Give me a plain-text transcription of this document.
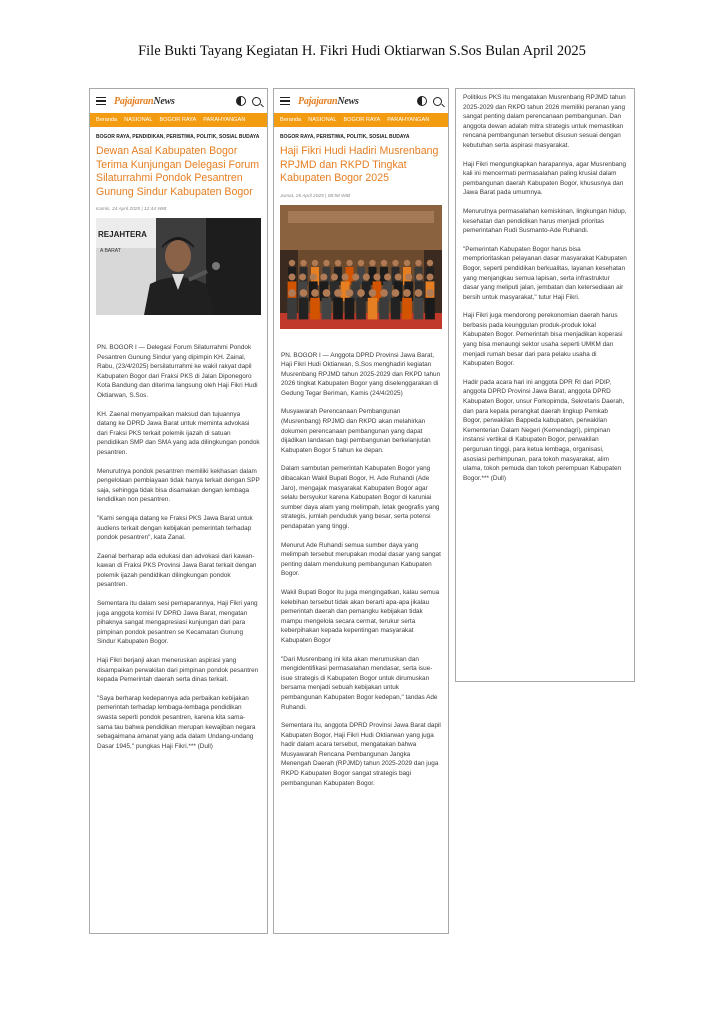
File Bukti Tayang Kegiatan H. Fikri Hudi Oktiarwan S.Sos Bulan April 2025
PajajaranNews
Beranda NASIONAL BOGOR RAYA PARAHYANGAN
BOGOR RAYA, PENDIDIKAN, PERISTIWA, POLITIK, SOSIAL BUDAYA
Dewan Asal Kabupaten Bogor Terima Kunjungan Delegasi Forum Silaturrahmi Pondok Pesantren Gunung Sindur Kabupaten Bogor
Kamis, 24 April 2025 | 12:44 WIB
REJAHTERA
A BARAT

PN. BOGOR I — Delegasi Forum Silaturrahmi Pondok Pesantren Gunung Sindur yang dipimpin KH. Zainal, Rabu, (23/4/2025) bersilaturrahmi ke wakil rakyat dapil Kabupaten Bogor dari Fraksi PKS di Jalan Diponegoro Kota Bandung dan diterima langsung oleh Haji Fikri Hudi Oktiarwan, S.Sos.

KH. Zaenal menyampaikan maksud dan tujuannya datang ke DPRD Jawa Barat untuk meminta advokasi dari Fraksi PKS terkait polemik ijazah di satuan pendidikan SMP dan SMA yang ada dilingkungan pondok pesantren.

Menurutnya pondok pesantren memiliki kekhasan dalam pengelolaan pembiayaan tidak hanya terkait dengan SPP saja, sehingga tidak bisa disamakan dengan lembaga lendidikan non pesantren.

"Kami sengaja datang ke Fraksi PKS Jawa Barat untuk audiens terkait dengan kebijakan pemerintah terhadap pondok pesantren", kata Zanal.

Zaenal berharap ada edukasi dan advokasi dari kawan-kawan di Fraksi PKS Provinsi Jawa Barat terkait dengan polemik ijazah pendidikan dilingkungan pondok pesantren.

Sementara itu dalam sesi pemaparannya, Haji Fikri yang juga anggota komisi IV DPRD Jawa Barat, mengatan pihaknya sangat mengapresiasi kunjungan dari para pimpinan pondok pesantren se Kecamatan Gunung Sindur Kabupaten Bogor.

Haji Fikri berjanji akan meneruskan aspirasi yang disampaikan perwakilan dari pimpinan pondok pesantren kepada Pemerintah daerah serta dinas terkait.

"Saya berharap kedepannya ada perbaikan kebijakan pemerintah terhadap lembaga-lembaga pendidikan swasta seperti pondok pesantren, karena kita sama-sama tau bahwa pendidikan merupan kewajiban negara sebagaimana amanat yang ada dalam Undang-undang Dasar 1945," pungkas Haji Fikri.*** (Dull)

PajajaranNews
Beranda NASIONAL BOGOR RAYA PARAHYANGAN
BOGOR RAYA, PERISTIWA, POLITIK, SOSIAL BUDAYA
Haji Fikri Hudi Hadiri Musrenbang RPJMD dan RKPD Tingkat Kabupaten Bogor 2025
Jumat, 25 April 2025 | 08:58 WIB

PN. BOGOR I — Anggota DPRD Provinsi Jawa Barat, Haji Fikri Hudi Oktiarwan, S.Sos menghadiri kegiatan Musrenbang RPJMD tahun 2025-2029 dan RKPD tahun 2026 tingkat Kabupaten Bogor yang diselenggarakan di Gedung Tegar Beriman, Kamis (24/4/2025)

Musyawarah Perencanaan Pembangunan (Musrenbang) RPJMD dan RKPD akan melahirkan dokumen perencanaan pembangunan yang dapat dijadikan landasan bagi pembangunan berkelanjutan Kabupaten Bogor 5 tahun ke depan.

Dalam sambutan pemerintah Kabupaten Bogor yang dibacakan Wakil Bupati Bogor, H. Ade Ruhandi (Ade Jaro), mengajak masyarakat Kabupaten Bogor agar selalu bersyukur karena Kabupaten Bogor di karuniai sumber daya alam yang melimpah, letak geografis yang strategis, jumlah penduduk yang besar, serta potensi pendapatan yang tinggi.

Menurut Ade Ruhandi semua sumber daya yang melimpah tersebut merupakan modal dasar yang sangat penting dalam mendukung pembangunan Kabupaten Bogor.

Wakil Bupati Bogor itu juga mengingatkan, kalau semua kelebihan tersebut tidak akan berarti apa-apa jikalau pemerintah daerah dan pemangku kebijakan tidak mampu mengelola secara cermat, terukur serta keberpihakan kepada kepentingan masyarakat Kabupaten Bogor

"Dari Musrenbang ini kita akan merumuskan dan mengidentifikasi permasalahan mendasar, serta isue-isue strategis di Kabupaten Bogor untuk dirumuskan bersama menjadi sebuah kebijakan untuk pembangunan Kabupaten Bogor kedepan," tandas Ade Ruhandi.

Sementara itu, anggota DPRD Provinsi Jawa Barat dapil Kabupaten Bogor, Haji Fikri Hudi Oktiarwan yang juga hadir dalam acara tersebut, mengatakan bahwa Musyawarah Rencana Pembangunan Jangka Menengah Daerah (RPJMD) tahun 2025-2029 dan juga RKPD Kabupaten Bogor sangat strategis bagi pembangunan Kabupaten Bogor.

Politikus PKS itu mengatakan Musrenbang RPJMD tahun 2025-2029 dan RKPD tahun 2026 memiliki peranan yang sangat penting dalam perencanaan pembangunan. Dan anggota dewan adalah mitra strategis untuk memastikan rencana pembangunan tersebut disusun sesuai dengan kebutuhan serta aspirasi masyarakat.

Haji Fikri mengungkapkan harapannya, agar Musrenbang kali ini mencermati permasalahan paling krusial dalam pembangunan daerah Kabupaten Bogor, khususnya dan Jawa Barat pada umumnya.

Menurutnya permasalahan kemiskinan, lingkungan hidup, kesehatan dan pendidikan harus menjadi prioritas pemerintahan Rudi Susmanto-Ade Ruhandi.

"Pemerintah Kabupaten Bogor harus bisa memprioritaskan pelayanan dasar masyarakat Kabupaten Bogor, seperti pendidikan berkualitas, layanan kesehatan yang menjangkau semua lapisan, serta infrastruktur dasar yang meliputi jalan, jembatan dan ketersediaan air bersih untuk masyarakat," tutur Haji Fikri.

Haji Fikri juga mendorong perekonomian daerah harus berbasis pada keunggulan produk-produk lokal Kabupaten Bogor. Pemerintah bisa menjadikan koperasi yang bisa menaungi sektor usaha seperti UMKM dan menjadi rumah besar dari para pelaku usaha di Kabupaten Bogor.

Hadir pada acara hari ini anggota DPR RI dari PDIP, anggota DPRD Provinsi Jawa Barat, anggota DPRD Kabupaten Bogor, unsur Forkopimda, Sekretaris Daerah, dan para kepala perangkat daerah lingkup Pemkab Bogor, perwakilan Bappeda kabupaten, perwakilan Kementerian Dalam Negeri (Kemendagri), pimpinan instansi vertikal di Kabupaten Bogor, perwakilan perguruan tinggi, para ketua lembaga, organisasi, asosiasi perhimpunan, para tokoh masyarakat, alim ulama, tokoh pemuda dan tokoh perempuan Kabupaten Bogor.*** (Dull)
